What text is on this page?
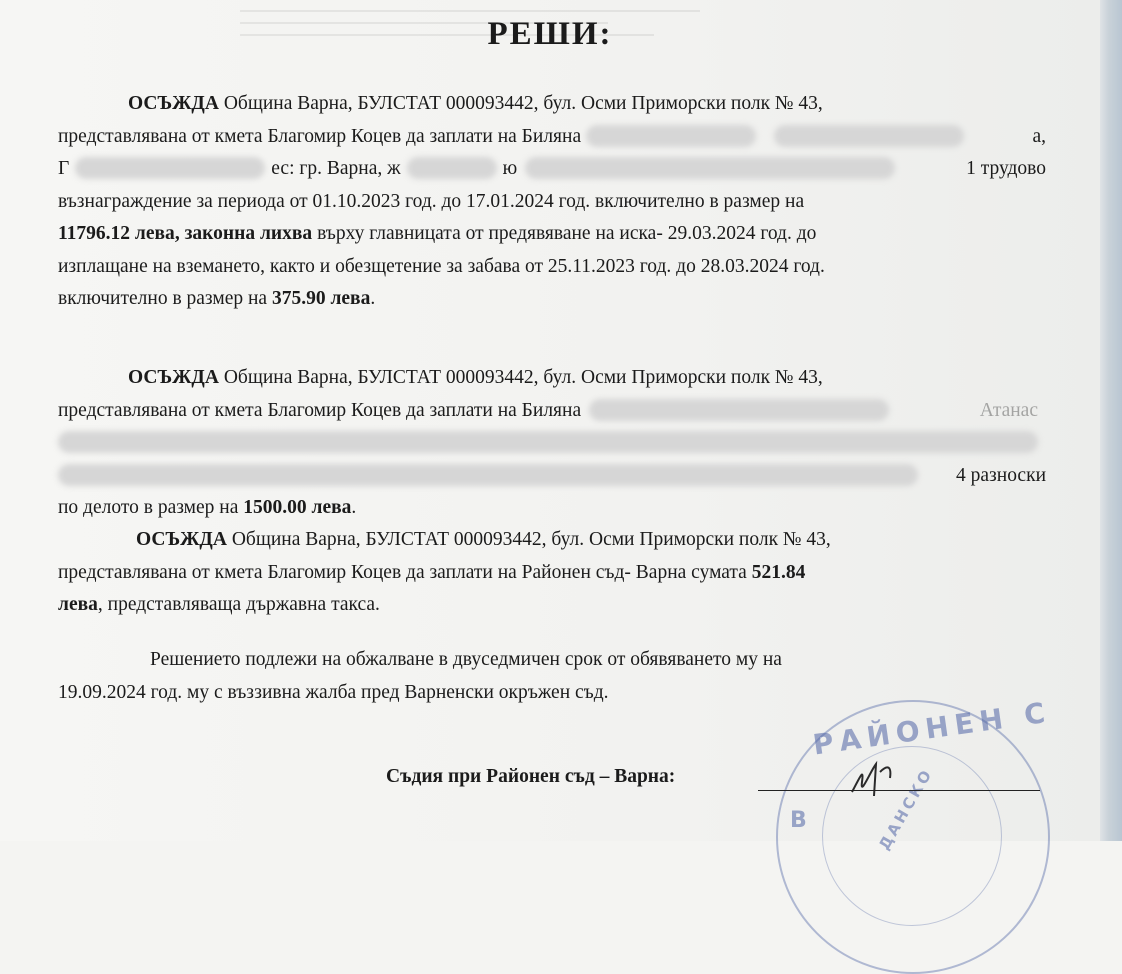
РЕШИ:
ОСЪЖДА Община Варна, БУЛСТАТ 000093442, бул. Осми Приморски полк № 43,
представлявана от кмета Благомир Коцев да заплати на Биляна	а,
Г	ес: гр. Варна, ж	ю	1 трудово
възнаграждение за периода от 01.10.2023 год. до 17.01.2024 год. включително в размер на
11796.12 лева, законна лихва върху главницата от предявяване на иска- 29.03.2024 год. до
изплащане на вземането, както и обезщетение за забава от 25.11.2023 год. до 28.03.2024 год.
включително в размер на 375.90 лева.
ОСЪЖДА Община Варна, БУЛСТАТ 000093442, бул. Осми Приморски полк № 43,
представлявана от кмета Благомир Коцев да заплати на Биляна	Атанас
4 разноски
по делото в размер на 1500.00 лева.
ОСЪЖДА Община Варна, БУЛСТАТ 000093442, бул. Осми Приморски полк № 43,
представлявана от кмета Благомир Коцев да заплати на Районен съд- Варна сумата 521.84
лева, представляваща държавна такса.
Решението подлежи на обжалване в двуседмичен срок от обявяването му на
19.09.2024 год. му с въззивна жалба пред Варненски окръжен съд.
РАЙОНЕН С
ДАНСКО
В
Съдия при Районен съд – Варна:
